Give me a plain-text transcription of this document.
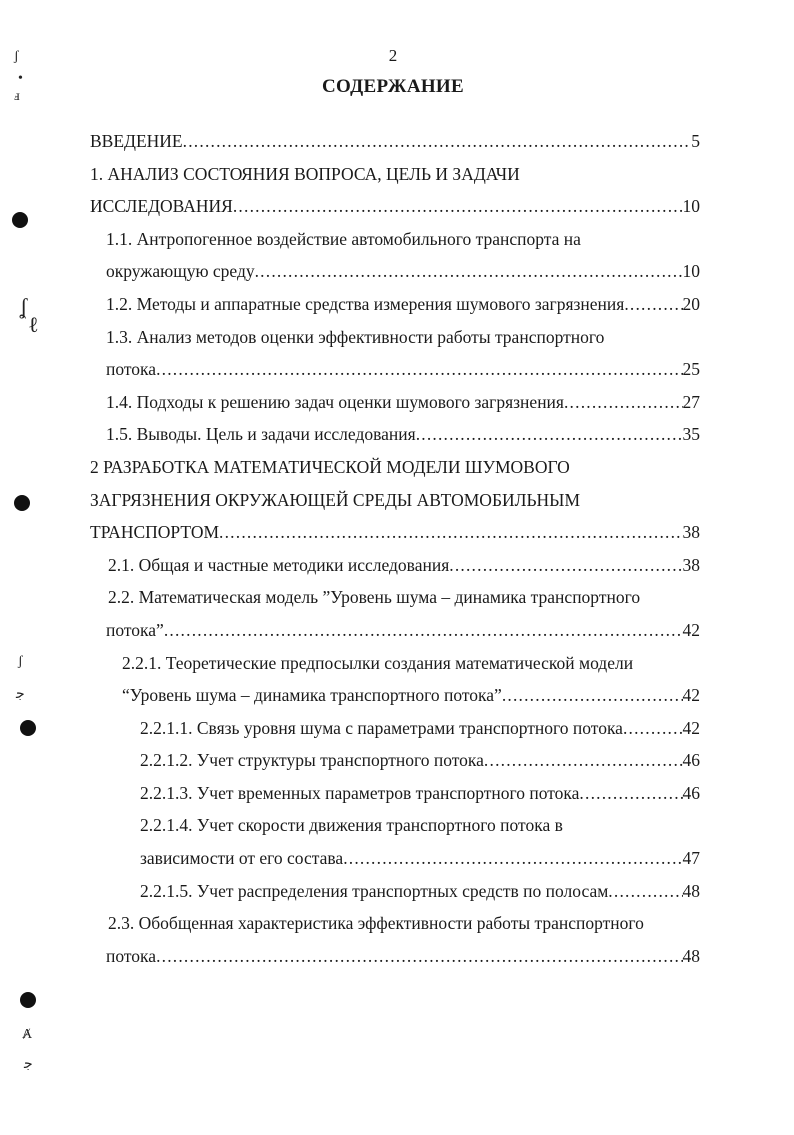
ʃ
•
ⅎ
ʆ
ℓ
ʃ
ﺟ
Ⱥ
ﺟ
2
СОДЕРЖАНИЕ
ВВЕДЕНИЕ .....	5
1. АНАЛИЗ СОСТОЯНИЯ ВОПРОСА, ЦЕЛЬ И ЗАДАЧИ
ИССЛЕДОВАНИЯ .....	10
1.1. Антропогенное воздействие автомобильного транспорта на
окружающую среду .....	10
1.2. Методы и аппаратные средства измерения шумового загрязнения .....	20
1.3. Анализ методов оценки эффективности работы транспортного
потока .....	25
1.4. Подходы к решению задач оценки шумового загрязнения .....	27
1.5. Выводы. Цель и задачи исследования .....	35
2 РАЗРАБОТКА МАТЕМАТИЧЕСКОЙ МОДЕЛИ ШУМОВОГО
ЗАГРЯЗНЕНИЯ ОКРУЖАЮЩЕЙ СРЕДЫ АВТОМОБИЛЬНЫМ
ТРАНСПОРТОМ .....	38
2.1. Общая и частные методики исследования .....	38
2.2. Математическая модель ”Уровень шума – динамика транспортного
потока” .....	42
2.2.1. Теоретические предпосылки создания математической модели
“Уровень шума – динамика транспортного потока” .....	42
2.2.1.1. Связь уровня шума с параметрами транспортного потока .....	42
2.2.1.2. Учет структуры транспортного потока .....	46
2.2.1.3. Учет временных параметров транспортного потока .....	46
2.2.1.4. Учет скорости движения транспортного потока в
зависимости от его состава .....	47
2.2.1.5. Учет распределения транспортных средств по полосам .....	48
2.3. Обобщенная характеристика эффективности работы транспортного
потока .....	48
